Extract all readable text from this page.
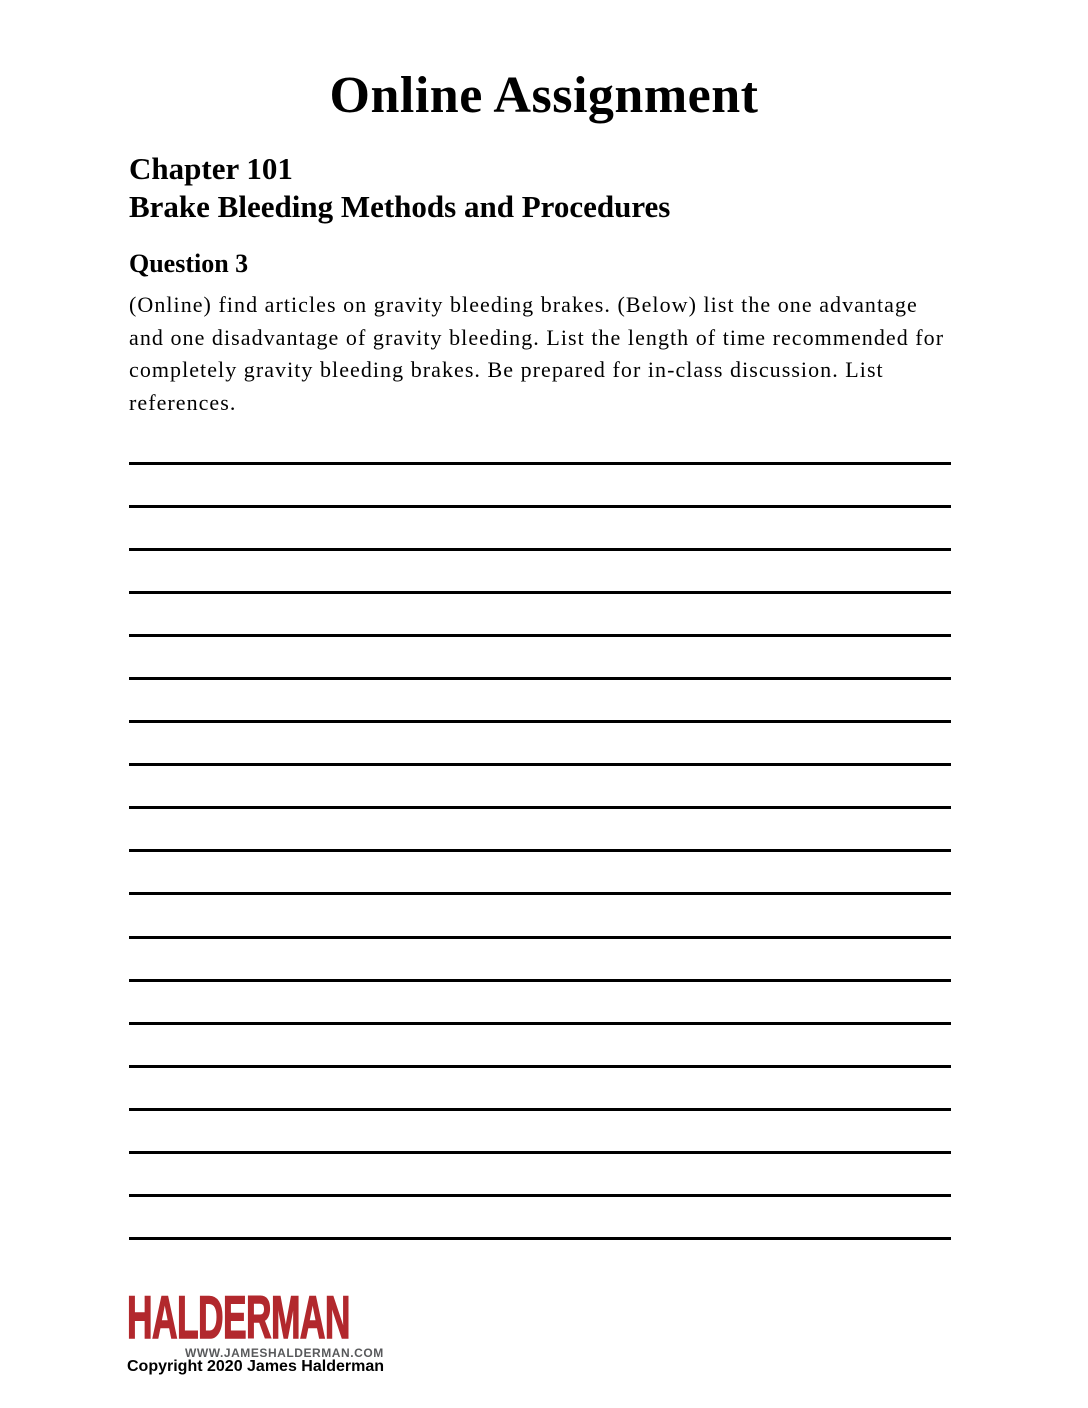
Online Assignment
Chapter 101
Brake Bleeding Methods and Procedures
Question 3
(Online) find articles on gravity bleeding brakes. (Below) list the one advantage
and one disadvantage of gravity bleeding. List the length of time recommended for
completely gravity bleeding brakes. Be prepared for in-class discussion. List
references.
HALDERMAN
WWW.JAMESHALDERMAN.COM
Copyright 2020 James Halderman
